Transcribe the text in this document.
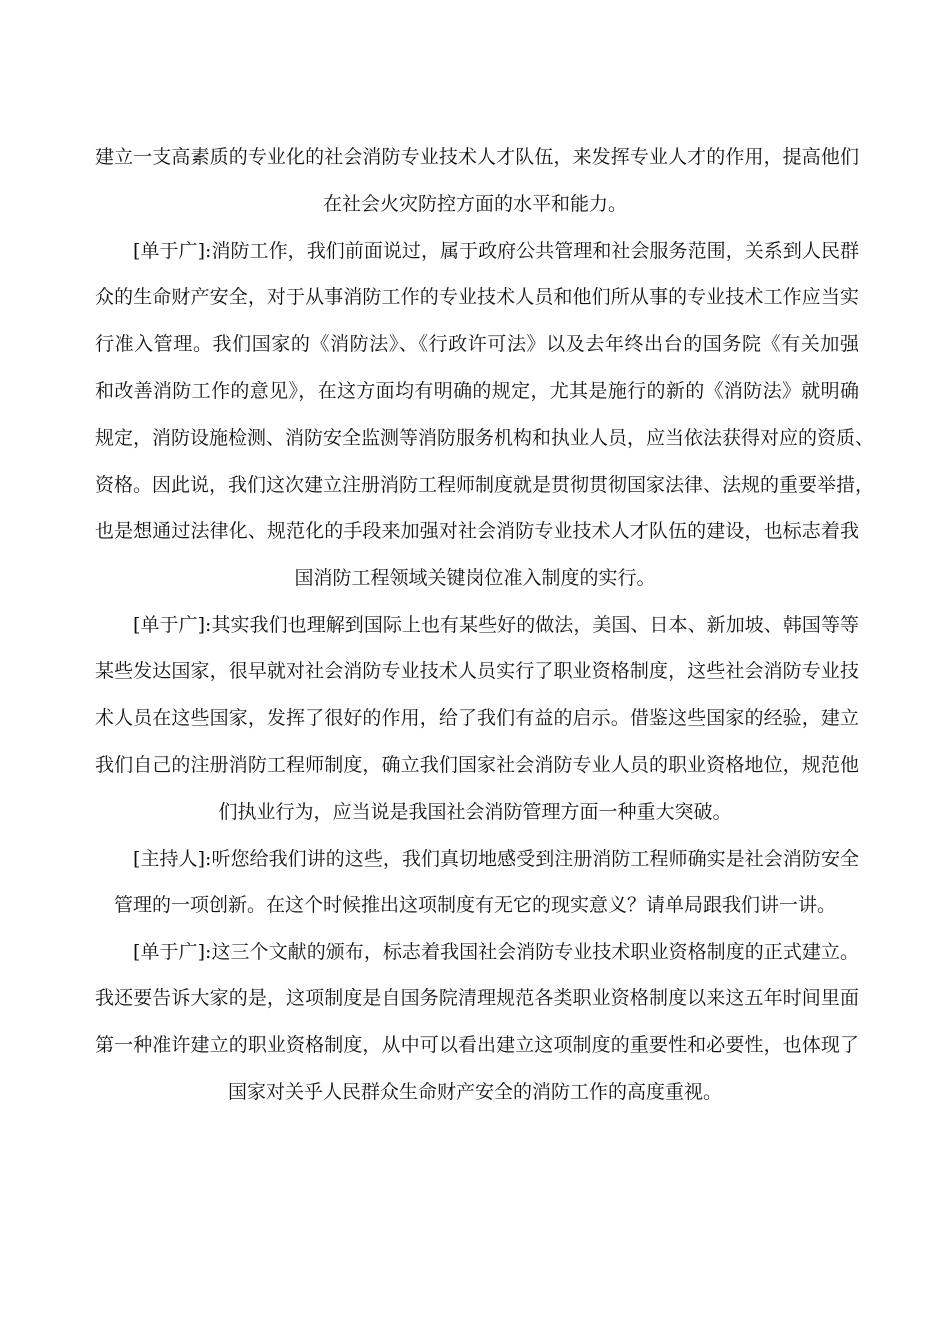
建立一支高素质的专业化的社会消防专业技术人才队伍，来发挥专业人才的作用，提高他们
在社会火灾防控方面的水平和能力。
[单于广]:消防工作，我们前面说过，属于政府公共管理和社会服务范围，关系到人民群
众的生命财产安全，对于从事消防工作的专业技术人员和他们所从事的专业技术工作应当实
行准入管理。我们国家的《消防法》、《行政许可法》以及去年终出台的国务院《有关加强
和改善消防工作的意见》，在这方面均有明确的规定，尤其是施行的新的《消防法》就明确
规定，消防设施检测、消防安全监测等消防服务机构和执业人员，应当依法获得对应的资质、
资格。因此说，我们这次建立注册消防工程师制度就是贯彻贯彻国家法律、法规的重要举措，
也是想通过法律化、规范化的手段来加强对社会消防专业技术人才队伍的建设，也标志着我
国消防工程领域关键岗位准入制度的实行。
[单于广]:其实我们也理解到国际上也有某些好的做法，美国、日本、新加坡、韩国等等
某些发达国家，很早就对社会消防专业技术人员实行了职业资格制度，这些社会消防专业技
术人员在这些国家，发挥了很好的作用，给了我们有益的启示。借鉴这些国家的经验，建立
我们自己的注册消防工程师制度，确立我们国家社会消防专业人员的职业资格地位，规范他
们执业行为，应当说是我国社会消防管理方面一种重大突破。
[主持人]:听您给我们讲的这些，我们真切地感受到注册消防工程师确实是社会消防安全
管理的一项创新。在这个时候推出这项制度有无它的现实意义？请单局跟我们讲一讲。
[单于广]:这三个文献的颁布，标志着我国社会消防专业技术职业资格制度的正式建立。
我还要告诉大家的是，这项制度是自国务院清理规范各类职业资格制度以来这五年时间里面
第一种准许建立的职业资格制度，从中可以看出建立这项制度的重要性和必要性，也体现了
国家对关乎人民群众生命财产安全的消防工作的高度重视。
